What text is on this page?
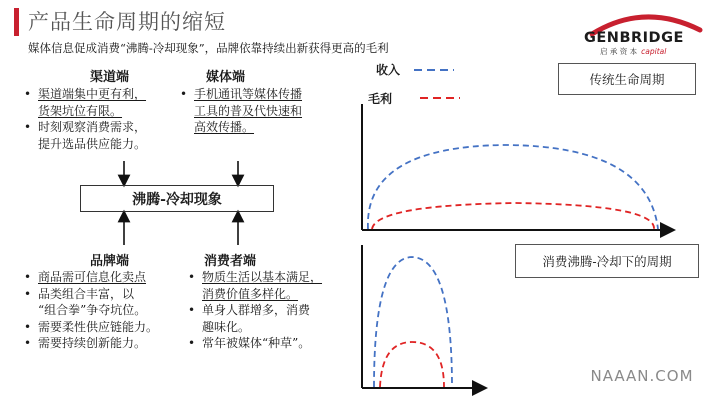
产品生命周期的缩短
媒体信息促成消费“沸腾-冷却现象”，品牌依靠持续出新获得更高的毛利
GENBRIDGE
启 承 资 本 capital
渠道端	媒体端
• 渠道端集中更有利，
货架坑位有限。
• 时刻观察消费需求，
提升选品供应能力。
• 手机通讯等媒体传播
工具的普及代快速和
高效传播。
沸腾-冷却现象
品牌端	消费者端
• 商品需可信息化卖点
• 品类组合丰富，以
“组合拳”争夺坑位。
• 需要柔性供应链能力。
• 需要持续创新能力。
• 物质生活以基本满足，
消费价值多样化。
• 单身人群增多，消费
趣味化。
• 常年被媒体“种草”。
收入
毛利
传统生命周期
消费沸腾-冷却下的周期
NAAAN.COM
